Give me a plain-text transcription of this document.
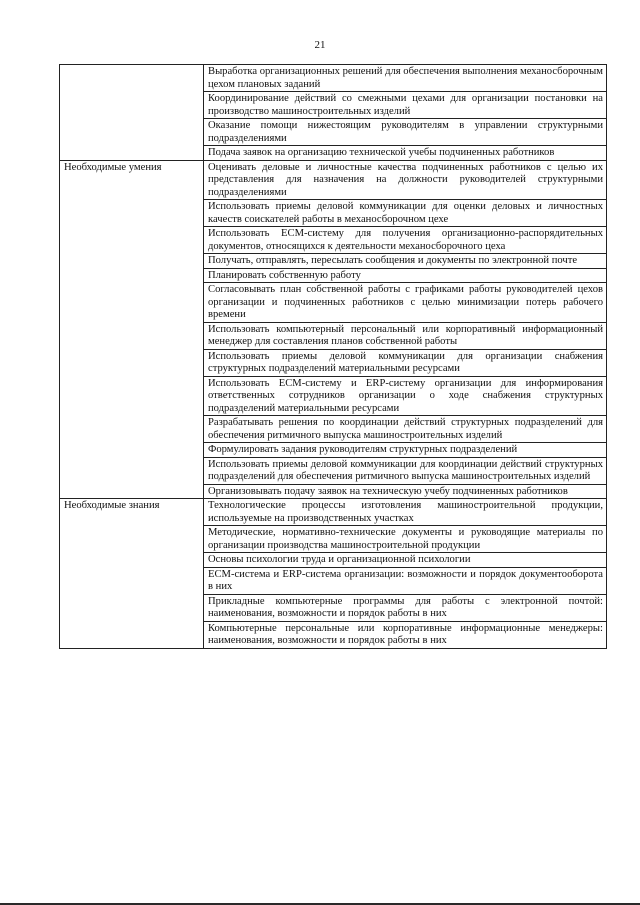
21
	Выработка организационных решений для обеспечения выполнения механосборочным цехом плановых заданий
	Координирование действий со смежными цехами для организации постановки на производство машиностроительных изделий
	Оказание помощи нижестоящим руководителям в управлении структурными подразделениями
	Подача заявок на организацию технической учебы подчиненных работников
Необходимые умения	Оценивать деловые и личностные качества подчиненных работников с целью их представления для назначения на должности руководителей структурными подразделениями
	Использовать приемы деловой коммуникации для оценки деловых и личностных качеств соискателей работы в механосборочном цехе
	Использовать ECM-систему для получения организационно-распорядительных документов, относящихся к деятельности механосборочного цеха
	Получать, отправлять, пересылать сообщения и документы по электронной почте
	Планировать собственную работу
	Согласовывать план собственной работы с графиками работы руководителей цехов организации и подчиненных работников с целью минимизации потерь рабочего времени
	Использовать компьютерный персональный или корпоративный информационный менеджер для составления планов собственной работы
	Использовать приемы деловой коммуникации для организации снабжения структурных подразделений материальными ресурсами
	Использовать ECM-систему и ERP-систему организации для информирования ответственных сотрудников организации о ходе снабжения структурных подразделений материальными ресурсами
	Разрабатывать решения по координации действий структурных подразделений для обеспечения ритмичного выпуска машиностроительных изделий
	Формулировать задания руководителям структурных подразделений
	Использовать приемы деловой коммуникации для координации действий структурных подразделений для обеспечения ритмичного выпуска машиностроительных изделий
	Организовывать подачу заявок на техническую учебу подчиненных работников
Необходимые знания	Технологические процессы изготовления машиностроительной продукции, используемые на производственных участках
	Методические, нормативно-технические документы и руководящие материалы по организации производства машиностроительной продукции
	Основы психологии труда и организационной психологии
	ECM-система и ERP-система организации: возможности и порядок документооборота в них
	Прикладные компьютерные программы для работы с электронной почтой: наименования, возможности и порядок работы в них
	Компьютерные персональные или корпоративные информационные менеджеры: наименования, возможности и порядок работы в них
